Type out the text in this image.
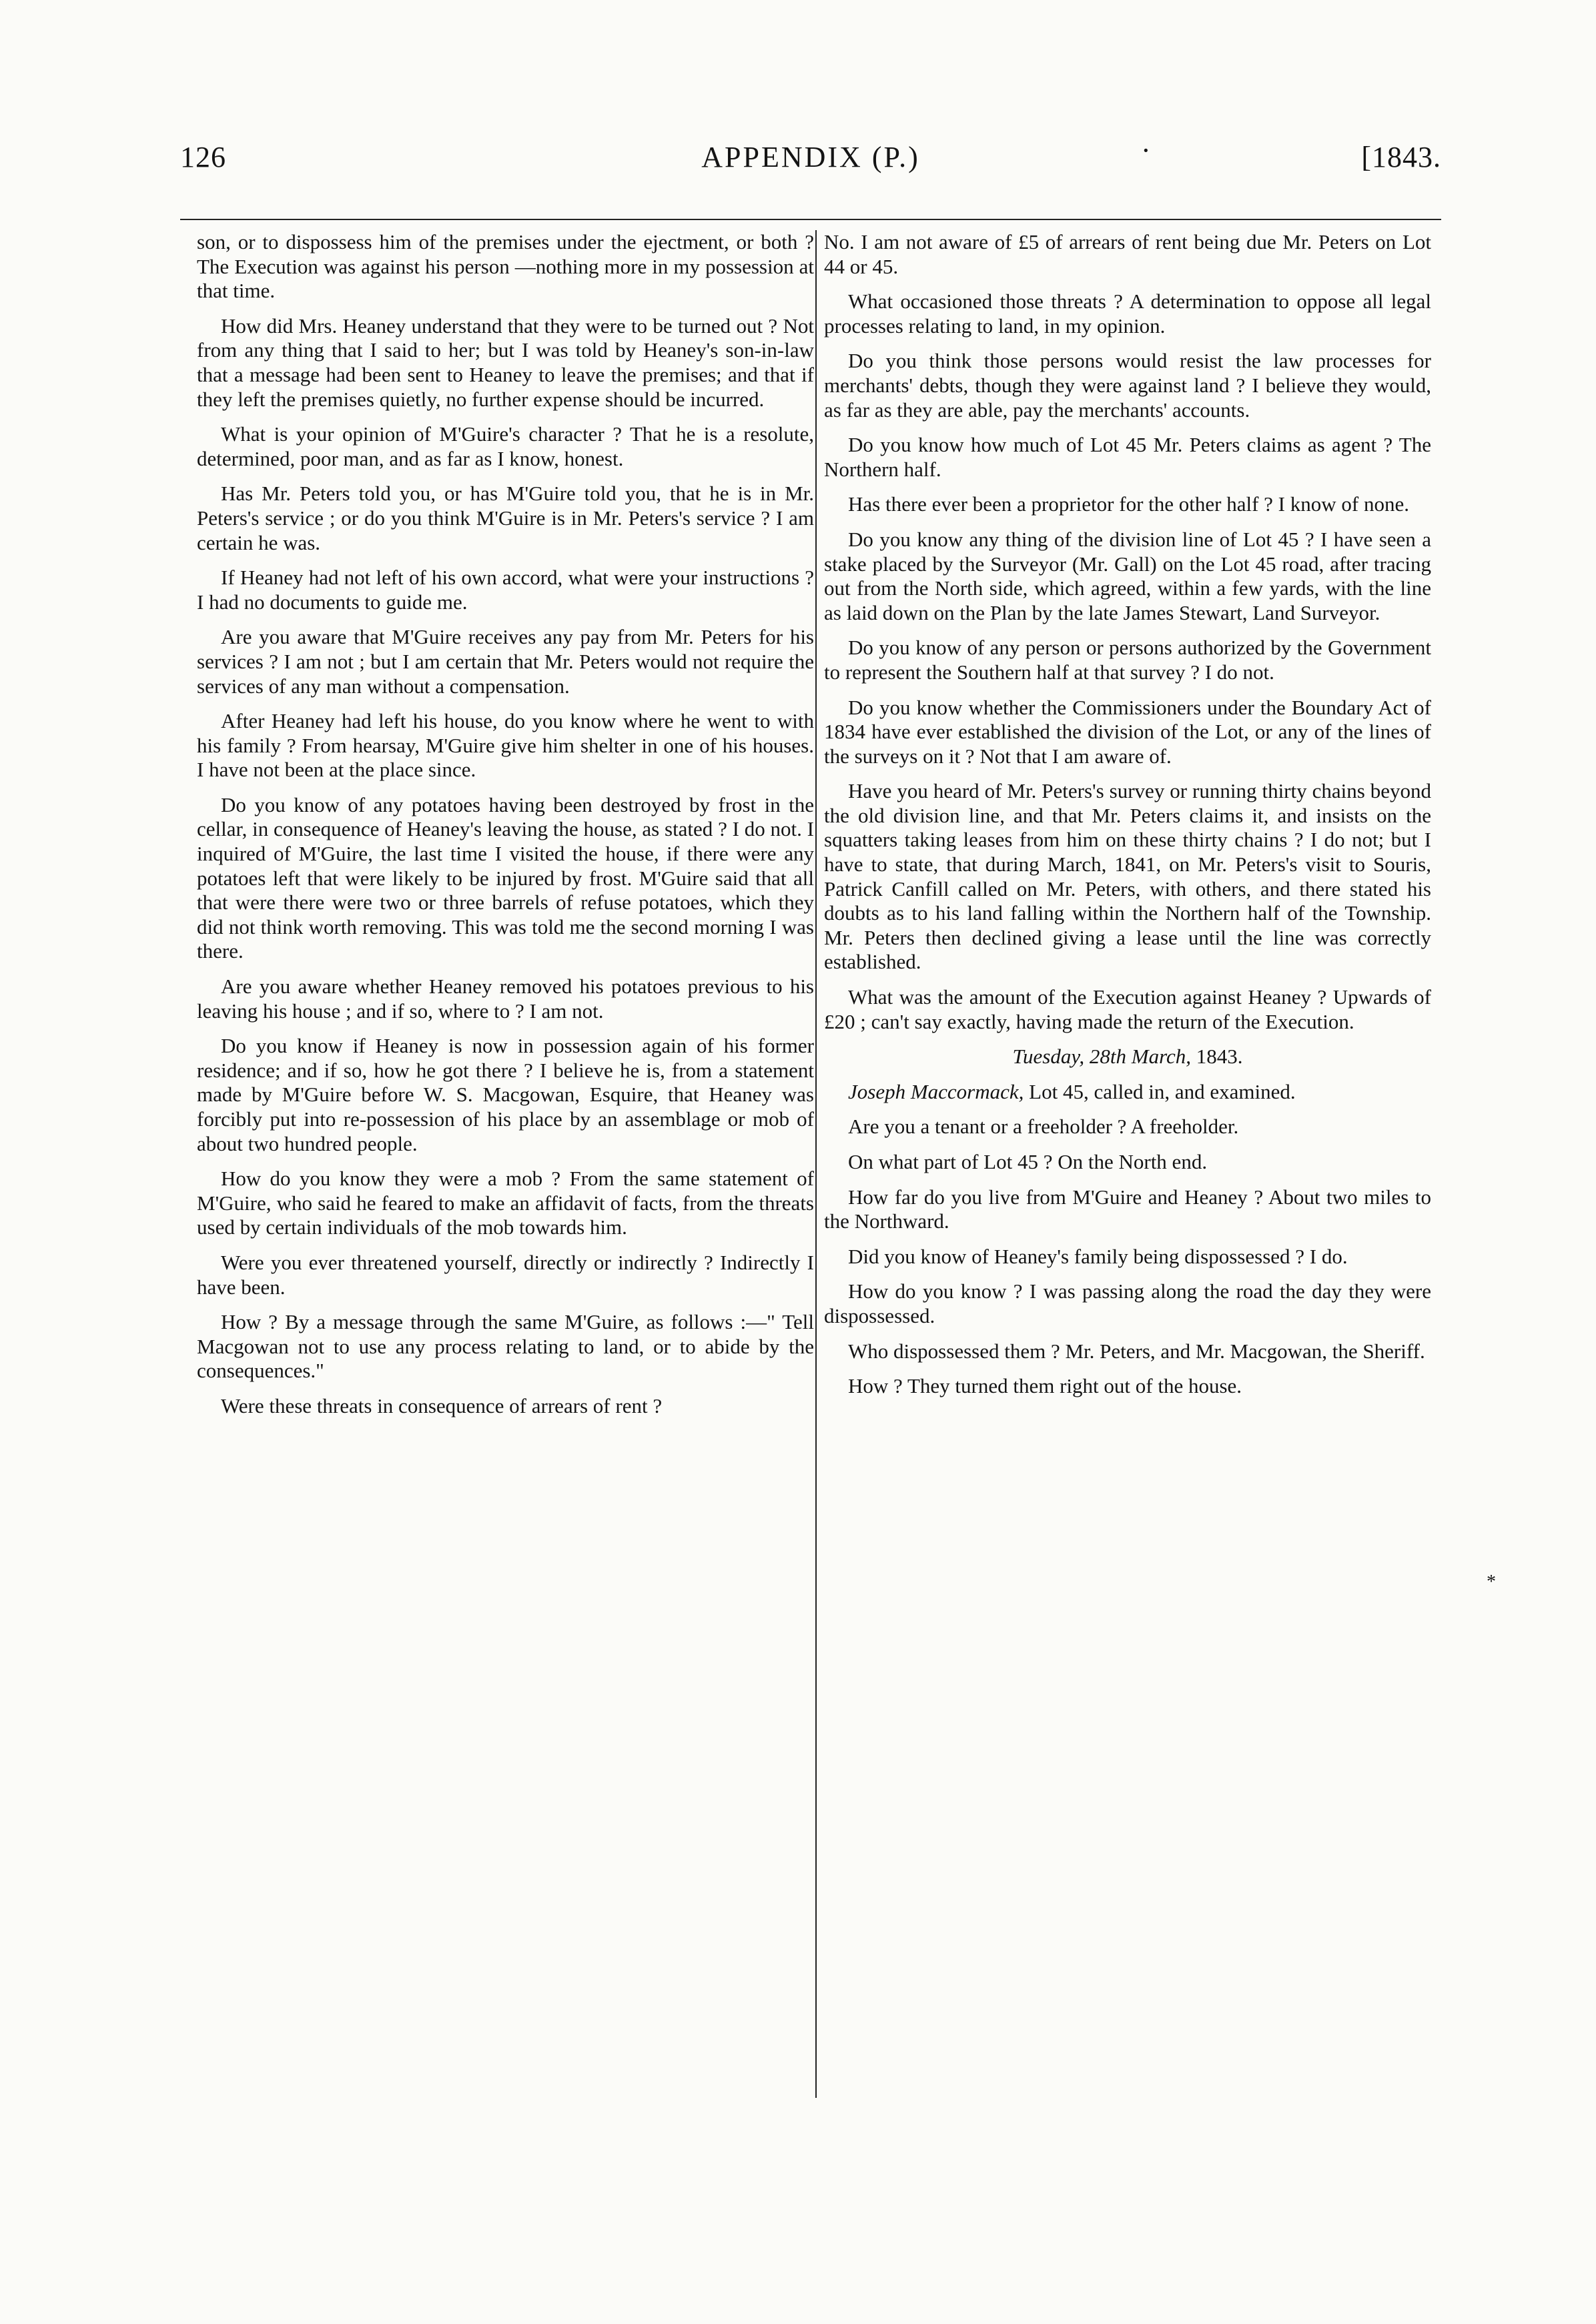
126	APPENDIX (P.)	·	[1843.

son, or to dispossess him of the premises under the ejectment, or both ? The Execution was against his person —nothing more in my possession at that time.

How did Mrs. Heaney understand that they were to be turned out ? Not from any thing that I said to her; but I was told by Heaney's son-in-law that a message had been sent to Heaney to leave the premises; and that if they left the premises quietly, no further expense should be incurred.

What is your opinion of M'Guire's character ? That he is a resolute, determined, poor man, and as far as I know, honest.

Has Mr. Peters told you, or has M'Guire told you, that he is in Mr. Peters's service ; or do you think M'Guire is in Mr. Peters's service ? I am certain he was.

If Heaney had not left of his own accord, what were your instructions ? I had no documents to guide me.

Are you aware that M'Guire receives any pay from Mr. Peters for his services ? I am not ; but I am certain that Mr. Peters would not require the services of any man without a compensation.

After Heaney had left his house, do you know where he went to with his family ? From hearsay, M'Guire give him shelter in one of his houses. I have not been at the place since.

Do you know of any potatoes having been destroyed by frost in the cellar, in consequence of Heaney's leaving the house, as stated ? I do not. I inquired of M'Guire, the last time I visited the house, if there were any potatoes left that were likely to be injured by frost. M'Guire said that all that were there were two or three barrels of refuse potatoes, which they did not think worth removing. This was told me the second morning I was there.

Are you aware whether Heaney removed his potatoes previous to his leaving his house ; and if so, where to ? I am not.

Do you know if Heaney is now in possession again of his former residence; and if so, how he got there ? I believe he is, from a statement made by M'Guire before W. S. Macgowan, Esquire, that Heaney was forcibly put into re-possession of his place by an assemblage or mob of about two hundred people.

How do you know they were a mob ? From the same statement of M'Guire, who said he feared to make an affidavit of facts, from the threats used by certain individuals of the mob towards him.

Were you ever threatened yourself, directly or indirectly ? Indirectly I have been.

How ? By a message through the same M'Guire, as follows :—" Tell Macgowan not to use any process relating to land, or to abide by the consequences."

Were these threats in consequence of arrears of rent ?

No. I am not aware of £5 of arrears of rent being due Mr. Peters on Lot 44 or 45.

What occasioned those threats ? A determination to oppose all legal processes relating to land, in my opinion.

Do you think those persons would resist the law processes for merchants' debts, though they were against land ? I believe they would, as far as they are able, pay the merchants' accounts.

Do you know how much of Lot 45 Mr. Peters claims as agent ? The Northern half.

Has there ever been a proprietor for the other half ? I know of none.

Do you know any thing of the division line of Lot 45 ? I have seen a stake placed by the Surveyor (Mr. Gall) on the Lot 45 road, after tracing out from the North side, which agreed, within a few yards, with the line as laid down on the Plan by the late James Stewart, Land Surveyor.

Do you know of any person or persons authorized by the Government to represent the Southern half at that survey ? I do not.

Do you know whether the Commissioners under the Boundary Act of 1834 have ever established the division of the Lot, or any of the lines of the surveys on it ? Not that I am aware of.

Have you heard of Mr. Peters's survey or running thirty chains beyond the old division line, and that Mr. Peters claims it, and insists on the squatters taking leases from him on these thirty chains ? I do not; but I have to state, that during March, 1841, on Mr. Peters's visit to Souris, Patrick Canfill called on Mr. Peters, with others, and there stated his doubts as to his land falling within the Northern half of the Township. Mr. Peters then declined giving a lease until the line was correctly established.

What was the amount of the Execution against Heaney ? Upwards of £20 ; can't say exactly, having made the return of the Execution.

Tuesday, 28th March, 1843.

Joseph Maccormack, Lot 45, called in, and examined.

Are you a tenant or a freeholder ? A freeholder.

On what part of Lot 45 ? On the North end.

How far do you live from M'Guire and Heaney ? About two miles to the Northward.

Did you know of Heaney's family being dispossessed ? I do.

How do you know ? I was passing along the road the day they were dispossessed.

Who dispossessed them ? Mr. Peters, and Mr. Macgowan, the Sheriff.

How ? They turned them right out of the house.

*
